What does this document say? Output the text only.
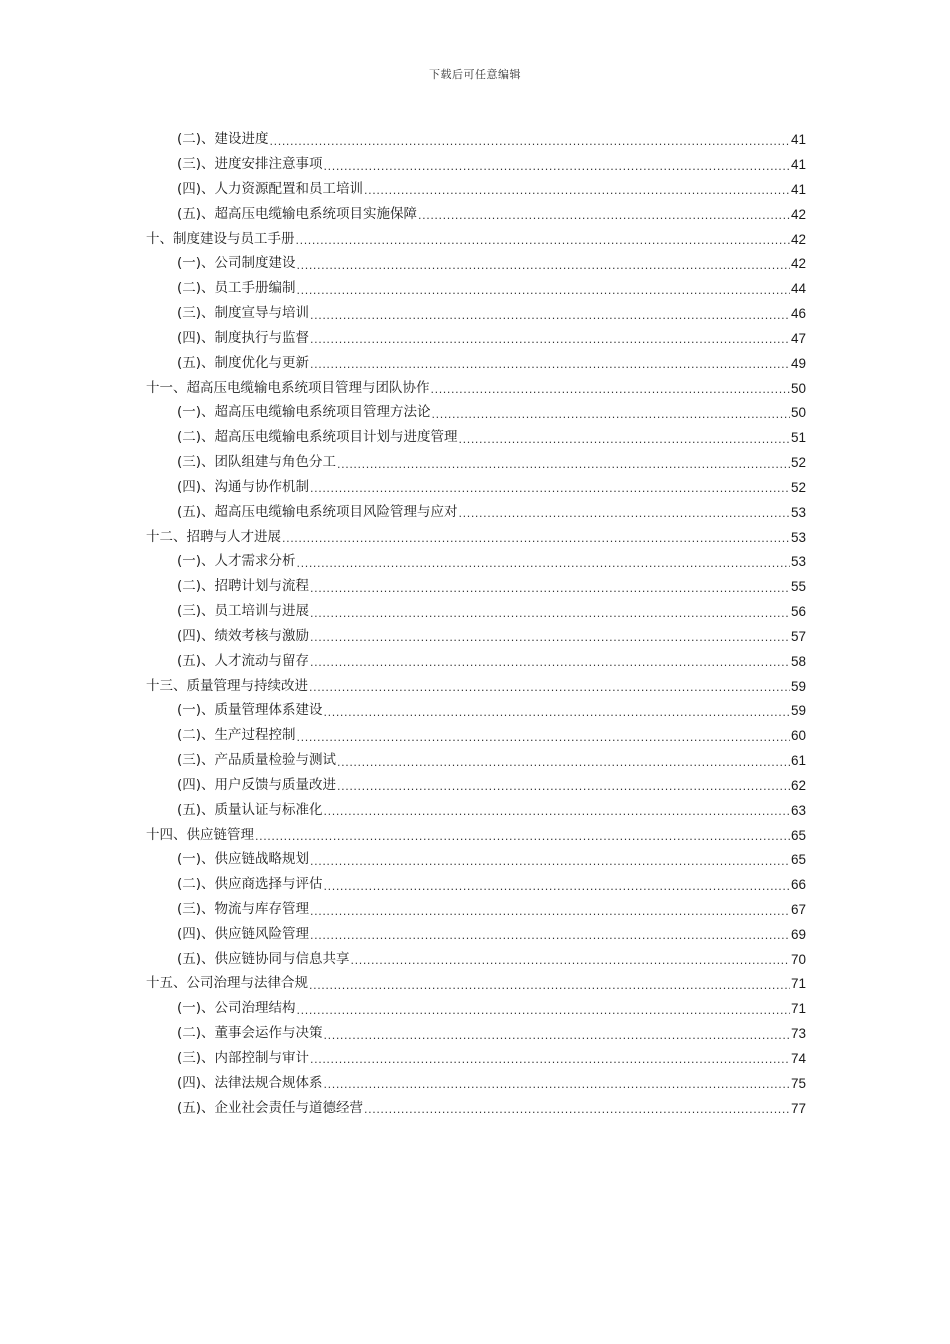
下载后可任意编辑
(二)、建设进度 .....	41
(三)、进度安排注意事项 .....	41
(四)、人力资源配置和员工培训 .....	41
(五)、超高压电缆输电系统项目实施保障 .....	42
十、制度建设与员工手册 .....	42
(一)、公司制度建设 .....	42
(二)、员工手册编制 .....	44
(三)、制度宣导与培训 .....	46
(四)、制度执行与监督 .....	47
(五)、制度优化与更新 .....	49
十一、超高压电缆输电系统项目管理与团队协作 .....	50
(一)、超高压电缆输电系统项目管理方法论 .....	50
(二)、超高压电缆输电系统项目计划与进度管理 .....	51
(三)、团队组建与角色分工 .....	52
(四)、沟通与协作机制 .....	52
(五)、超高压电缆输电系统项目风险管理与应对 .....	53
十二、招聘与人才进展 .....	53
(一)、人才需求分析 .....	53
(二)、招聘计划与流程 .....	55
(三)、员工培训与进展 .....	56
(四)、绩效考核与激励 .....	57
(五)、人才流动与留存 .....	58
十三、质量管理与持续改进 .....	59
(一)、质量管理体系建设 .....	59
(二)、生产过程控制 .....	60
(三)、产品质量检验与测试 .....	61
(四)、用户反馈与质量改进 .....	62
(五)、质量认证与标准化 .....	63
十四、供应链管理 .....	65
(一)、供应链战略规划 .....	65
(二)、供应商选择与评估 .....	66
(三)、物流与库存管理 .....	67
(四)、供应链风险管理 .....	69
(五)、供应链协同与信息共享 .....	70
十五、公司治理与法律合规 .....	71
(一)、公司治理结构 .....	71
(二)、董事会运作与决策 .....	73
(三)、内部控制与审计 .....	74
(四)、法律法规合规体系 .....	75
(五)、企业社会责任与道德经营 .....	77
